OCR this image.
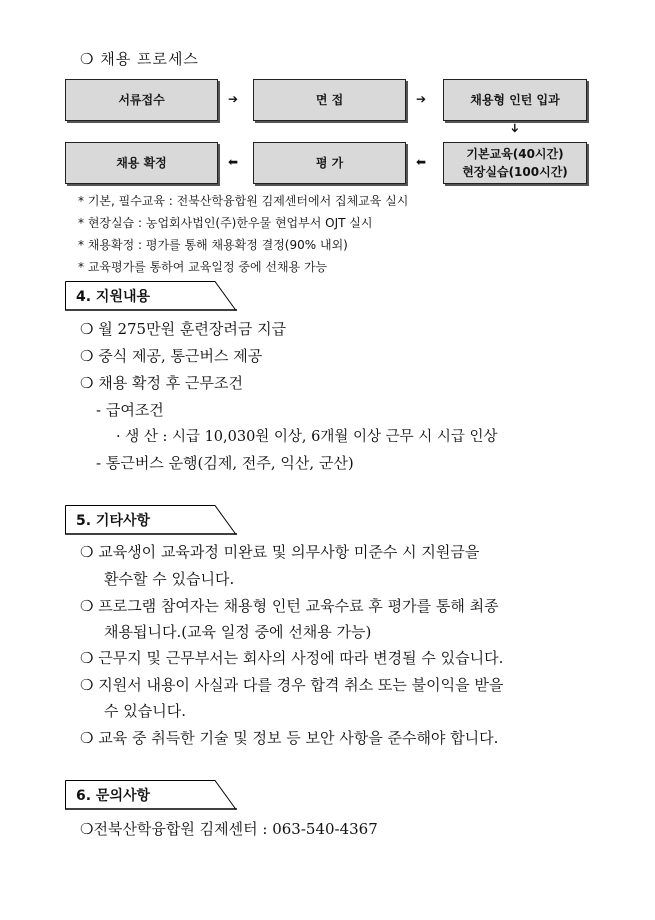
❍ 채용 프로세스
서류접수	➔	면 접	➔	채용형 인턴 입과
➔
채용 확정	⬅	평 가	⬅
기본교육(40시간)
현장실습(100시간)
* 기본, 필수교육 : 전북산학융합원 김제센터에서 집체교육 실시
* 현장실습 : 농업회사법인(주)한우물 현업부서 OJT 실시
* 채용확정 : 평가를 통해 채용확정 결정(90% 내외)
* 교육평가를 통하여 교육일정 중에 선채용 가능
4. 지원내용
❍ 월 275만원 훈련장려금 지급
❍ 중식 제공, 통근버스 제공
❍ 채용 확정 후 근무조건
- 급여조건
· 생 산 : 시급 10,030원 이상, 6개월 이상 근무 시 시급 인상
- 통근버스 운행(김제, 전주, 익산, 군산)
5. 기타사항
❍ 교육생이 교육과정 미완료 및 의무사항 미준수 시 지원금을
환수할 수 있습니다.
❍ 프로그램 참여자는 채용형 인턴 교육수료 후 평가를 통해 최종
채용됩니다.(교육 일정 중에 선채용 가능)
❍ 근무지 및 근무부서는 회사의 사정에 따라 변경될 수 있습니다.
❍ 지원서 내용이 사실과 다를 경우 합격 취소 또는 불이익을 받을
수 있습니다.
❍ 교육 중 취득한 기술 및 정보 등 보안 사항을 준수해야 합니다.
6. 문의사항
❍전북산학융합원 김제센터 : 063-540-4367
